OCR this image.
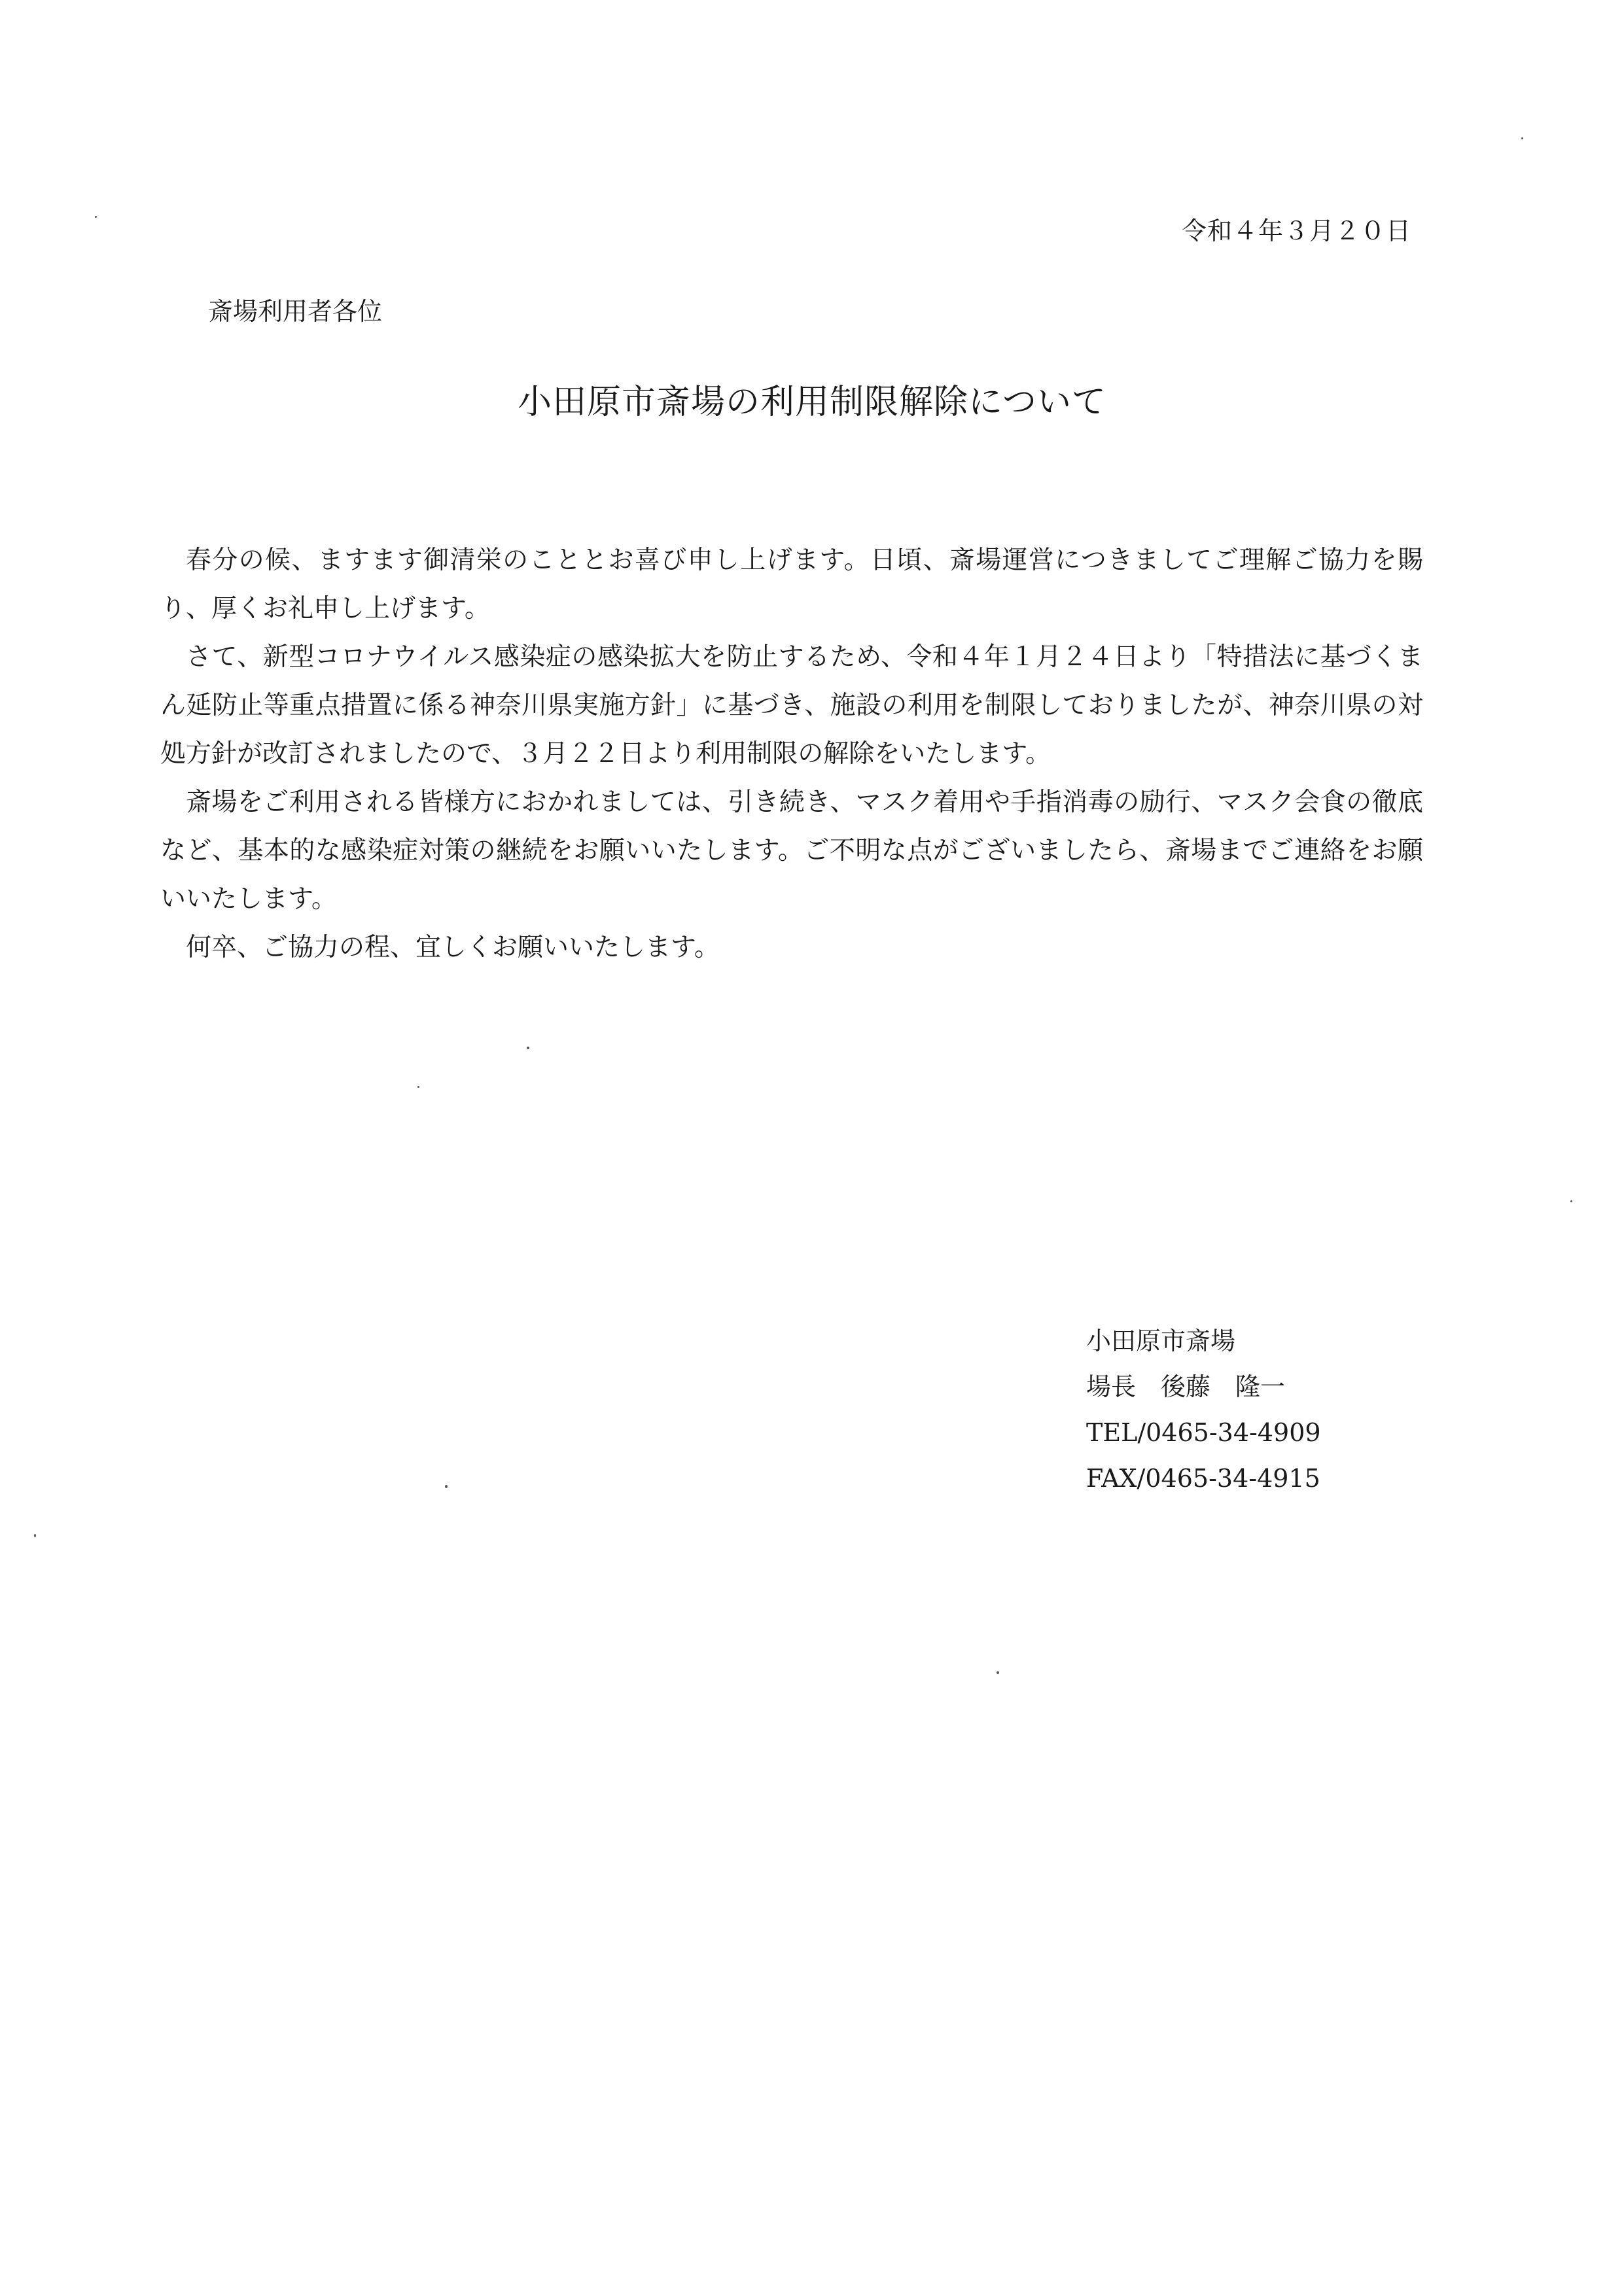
令和４年３月２０日
斎場利用者各位
小田原市斎場の利用制限解除について

春分の候、ますます御清栄のこととお喜び申し上げます。日頃、斎場運営につきましてご理解ご協力を賜り、厚くお礼申し上げます。

さて、新型コロナウイルス感染症の感染拡大を防止するため、令和４年１月２４日より「特措法に基づくまん延防止等重点措置に係る神奈川県実施方針」に基づき、施設の利用を制限しておりましたが、神奈川県の対処方針が改訂されましたので、３月２２日より利用制限の解除をいたします。

斎場をご利用される皆様方におかれましては、引き続き、マスク着用や手指消毒の励行、マスク会食の徹底など、基本的な感染症対策の継続をお願いいたします。ご不明な点がございましたら、斎場までご連絡をお願いいたします。

何卒、ご協力の程、宜しくお願いいたします。

小田原市斎場
場長　後藤　隆一
TEL/0465-34-4909
FAX/0465-34-4915
